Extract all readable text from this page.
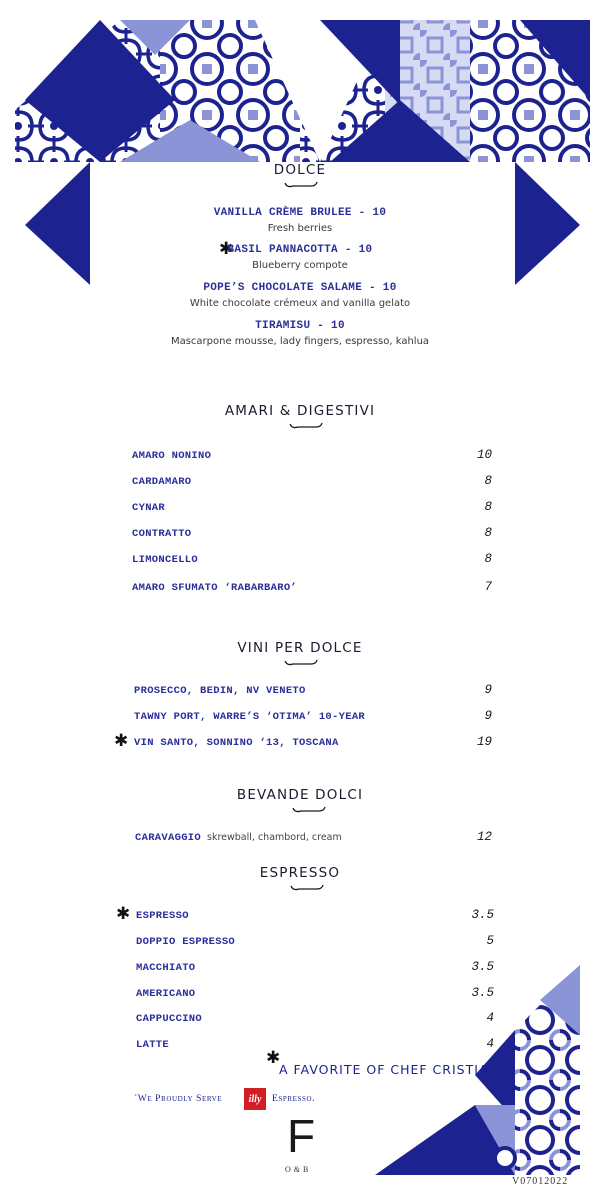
DOLCE
VANILLA CRÈME BRULEE - 10
Fresh berries
✱
BASIL PANNACOTTA - 10
Blueberry compote
POPE’S CHOCOLATE SALAME - 10
White chocolate crémeux and vanilla gelato
TIRAMISU - 10
Mascarpone mousse, lady fingers, espresso, kahlua
AMARI & DIGESTIVI
AMARO NONINO	10
CARDAMARO	8
CYNAR	8
CONTRATTO	8
LIMONCELLO	8
AMARO SFUMATO ‘RABARBARO’	7
VINI PER DOLCE
PROSECCO, BEDIN, NV VENETO	9
TAWNY PORT, WARRE’S ‘OTIMA’ 10-YEAR	9
✱ VIN SANTO, SONNINO ‘13, TOSCANA	19
BEVANDE DOLCI
CARAVAGGIO skrewball, chambord, cream	12
ESPRESSO
✱ ESPRESSO	3.5
DOPPIO ESPRESSO	5
MACCHIATO	3.5
AMERICANO	3.5
CAPPUCCINO	4
LATTE	4
✱
A FAVORITE OF CHEF CRISTIAN
`We Proudly Serve	illy	Espresso.
F
O&B
V07012022
